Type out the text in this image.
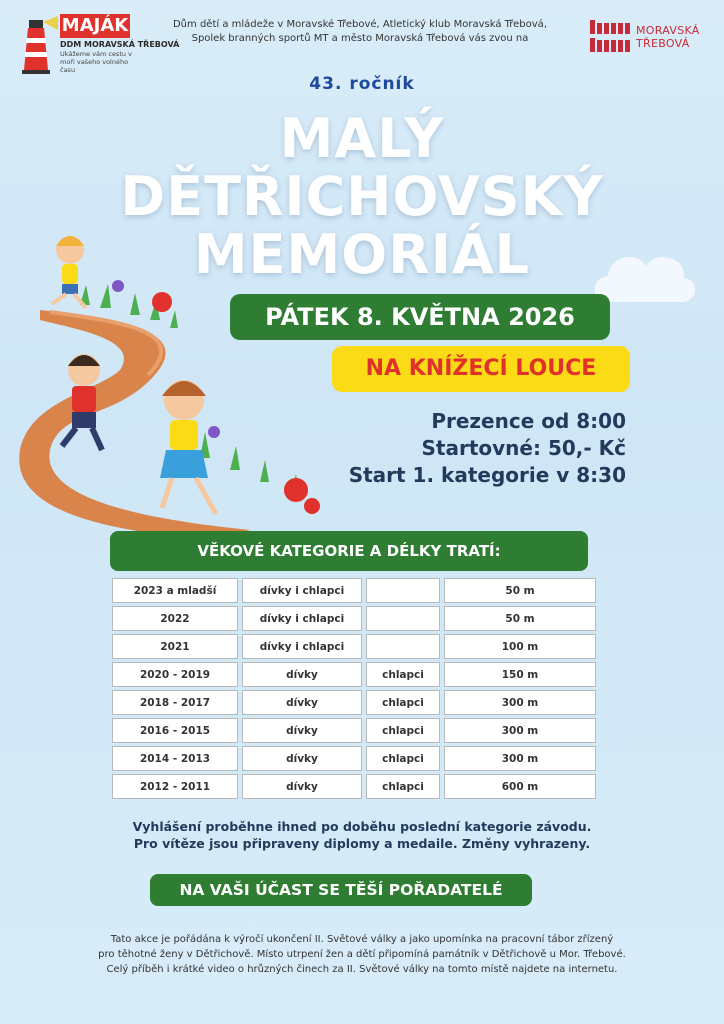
MAJÁK
DDM MORAVSKÁ TŘEBOVÁ
Ukážeme vám cestu v moři vašeho volného času
Dům dětí a mládeže v Moravské Třebové, Atletický klub Moravská Třebová,
Spolek branných sportů MT a město Moravská Třebová vás zvou na
MORAVSKÁ
TŘEBOVÁ
43. ročník
MALÝ
DĚTŘICHOVSKÝ
MEMORIÁL
PÁTEK 8. KVĚTNA 2026
NA KNÍŽECÍ LOUCE
Prezence od 8:00
Startovné: 50,- Kč
Start 1. kategorie v 8:30
VĚKOVÉ KATEGORIE A DÉLKY TRATÍ:
2023 a mladší	dívky i chlapci		50 m
2022	dívky i chlapci		50 m
2021	dívky i chlapci		100 m
2020 - 2019	dívky	chlapci	150 m
2018 - 2017	dívky	chlapci	300 m
2016 - 2015	dívky	chlapci	300 m
2014 - 2013	dívky	chlapci	300 m
2012 - 2011	dívky	chlapci	600 m
Vyhlášení proběhne ihned po doběhu poslední kategorie závodu.
Pro vítěze jsou připraveny diplomy a medaile. Změny vyhrazeny.
NA VAŠI ÚČAST SE TĚŠÍ POŘADATELÉ
Tato akce je pořádána k výročí ukončení II. Světové války a jako upomínka na pracovní tábor zřízený
pro těhotné ženy v Dětřichově. Místo utrpení žen a dětí připomíná památník v Dětřichově u Mor. Třebové.
Celý příběh i krátké video o hrůzných činech za II. Světové války na tomto místě najdete na internetu.
